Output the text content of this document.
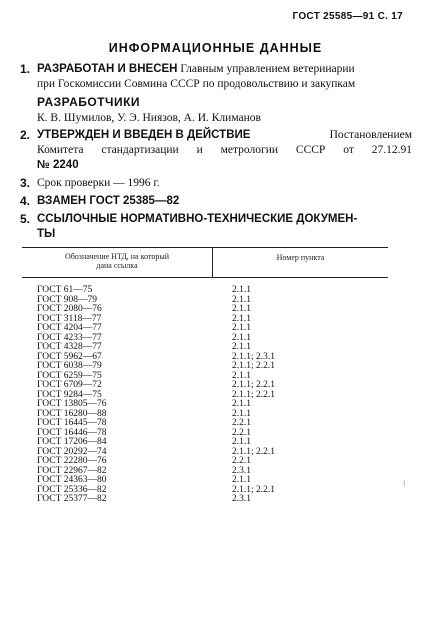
ГОСТ 25585—91 С. 17
ИНФОРМАЦИОННЫЕ ДАННЫЕ
1. РАЗРАБОТАН И ВНЕСЕН Главным управлением ветеринарии
при Госкомиссии Совмина СССР по продовольствию и закупкам
РАЗРАБОТЧИКИ
К. В. Шумилов, У. Э. Ниязов, А. И. Климанов
2. УТВЕРЖДЕН И ВВЕДЕН В ДЕЙСТВИЕ	Постановлением
Комитета стандартизации и метрологии СССР от 27.12.91
№ 2240
3. Срок проверки — 1996 г.
4. ВЗАМЕН ГОСТ 25385—82
5. ССЫЛОЧНЫЕ НОРМАТИВНО-ТЕХНИЧЕСКИЕ ДОКУМЕН-
ТЫ
Обозначение НТД, на который
дана ссылка
Номер пункта
ГОСТ 61—75	2.1.1
ГОСТ 908—79	2.1.1
ГОСТ 2080—76	2.1.1
ГОСТ 3118—77	2.1.1
ГОСТ 4204—77	2.1.1
ГОСТ 4233—77	2.1.1
ГОСТ 4328—77	2.1.1
ГОСТ 5962—67	2.1.1; 2.3.1
ГОСТ 6038—79	2.1.1; 2.2.1
ГОСТ 6259—75	2.1.1
ГОСТ 6709—72	2.1.1; 2.2.1
ГОСТ 9284—75	2.1.1; 2.2.1
ГОСТ 13805—76	2.1.1
ГОСТ 16280—88	2.1.1
ГОСТ 16445—78	2.2.1
ГОСТ 16446—78	2.2.1
ГОСТ 17206—84	2.1.1
ГОСТ 20292—74	2.1.1; 2.2.1
ГОСТ 22280—76	2.2.1
ГОСТ 22967—82	2.3.1
ГОСТ 24363—80	2.1.1
ГОСТ 25336—82	2.1.1; 2.2.1
ГОСТ 25377—82	2.3.1
⁝
